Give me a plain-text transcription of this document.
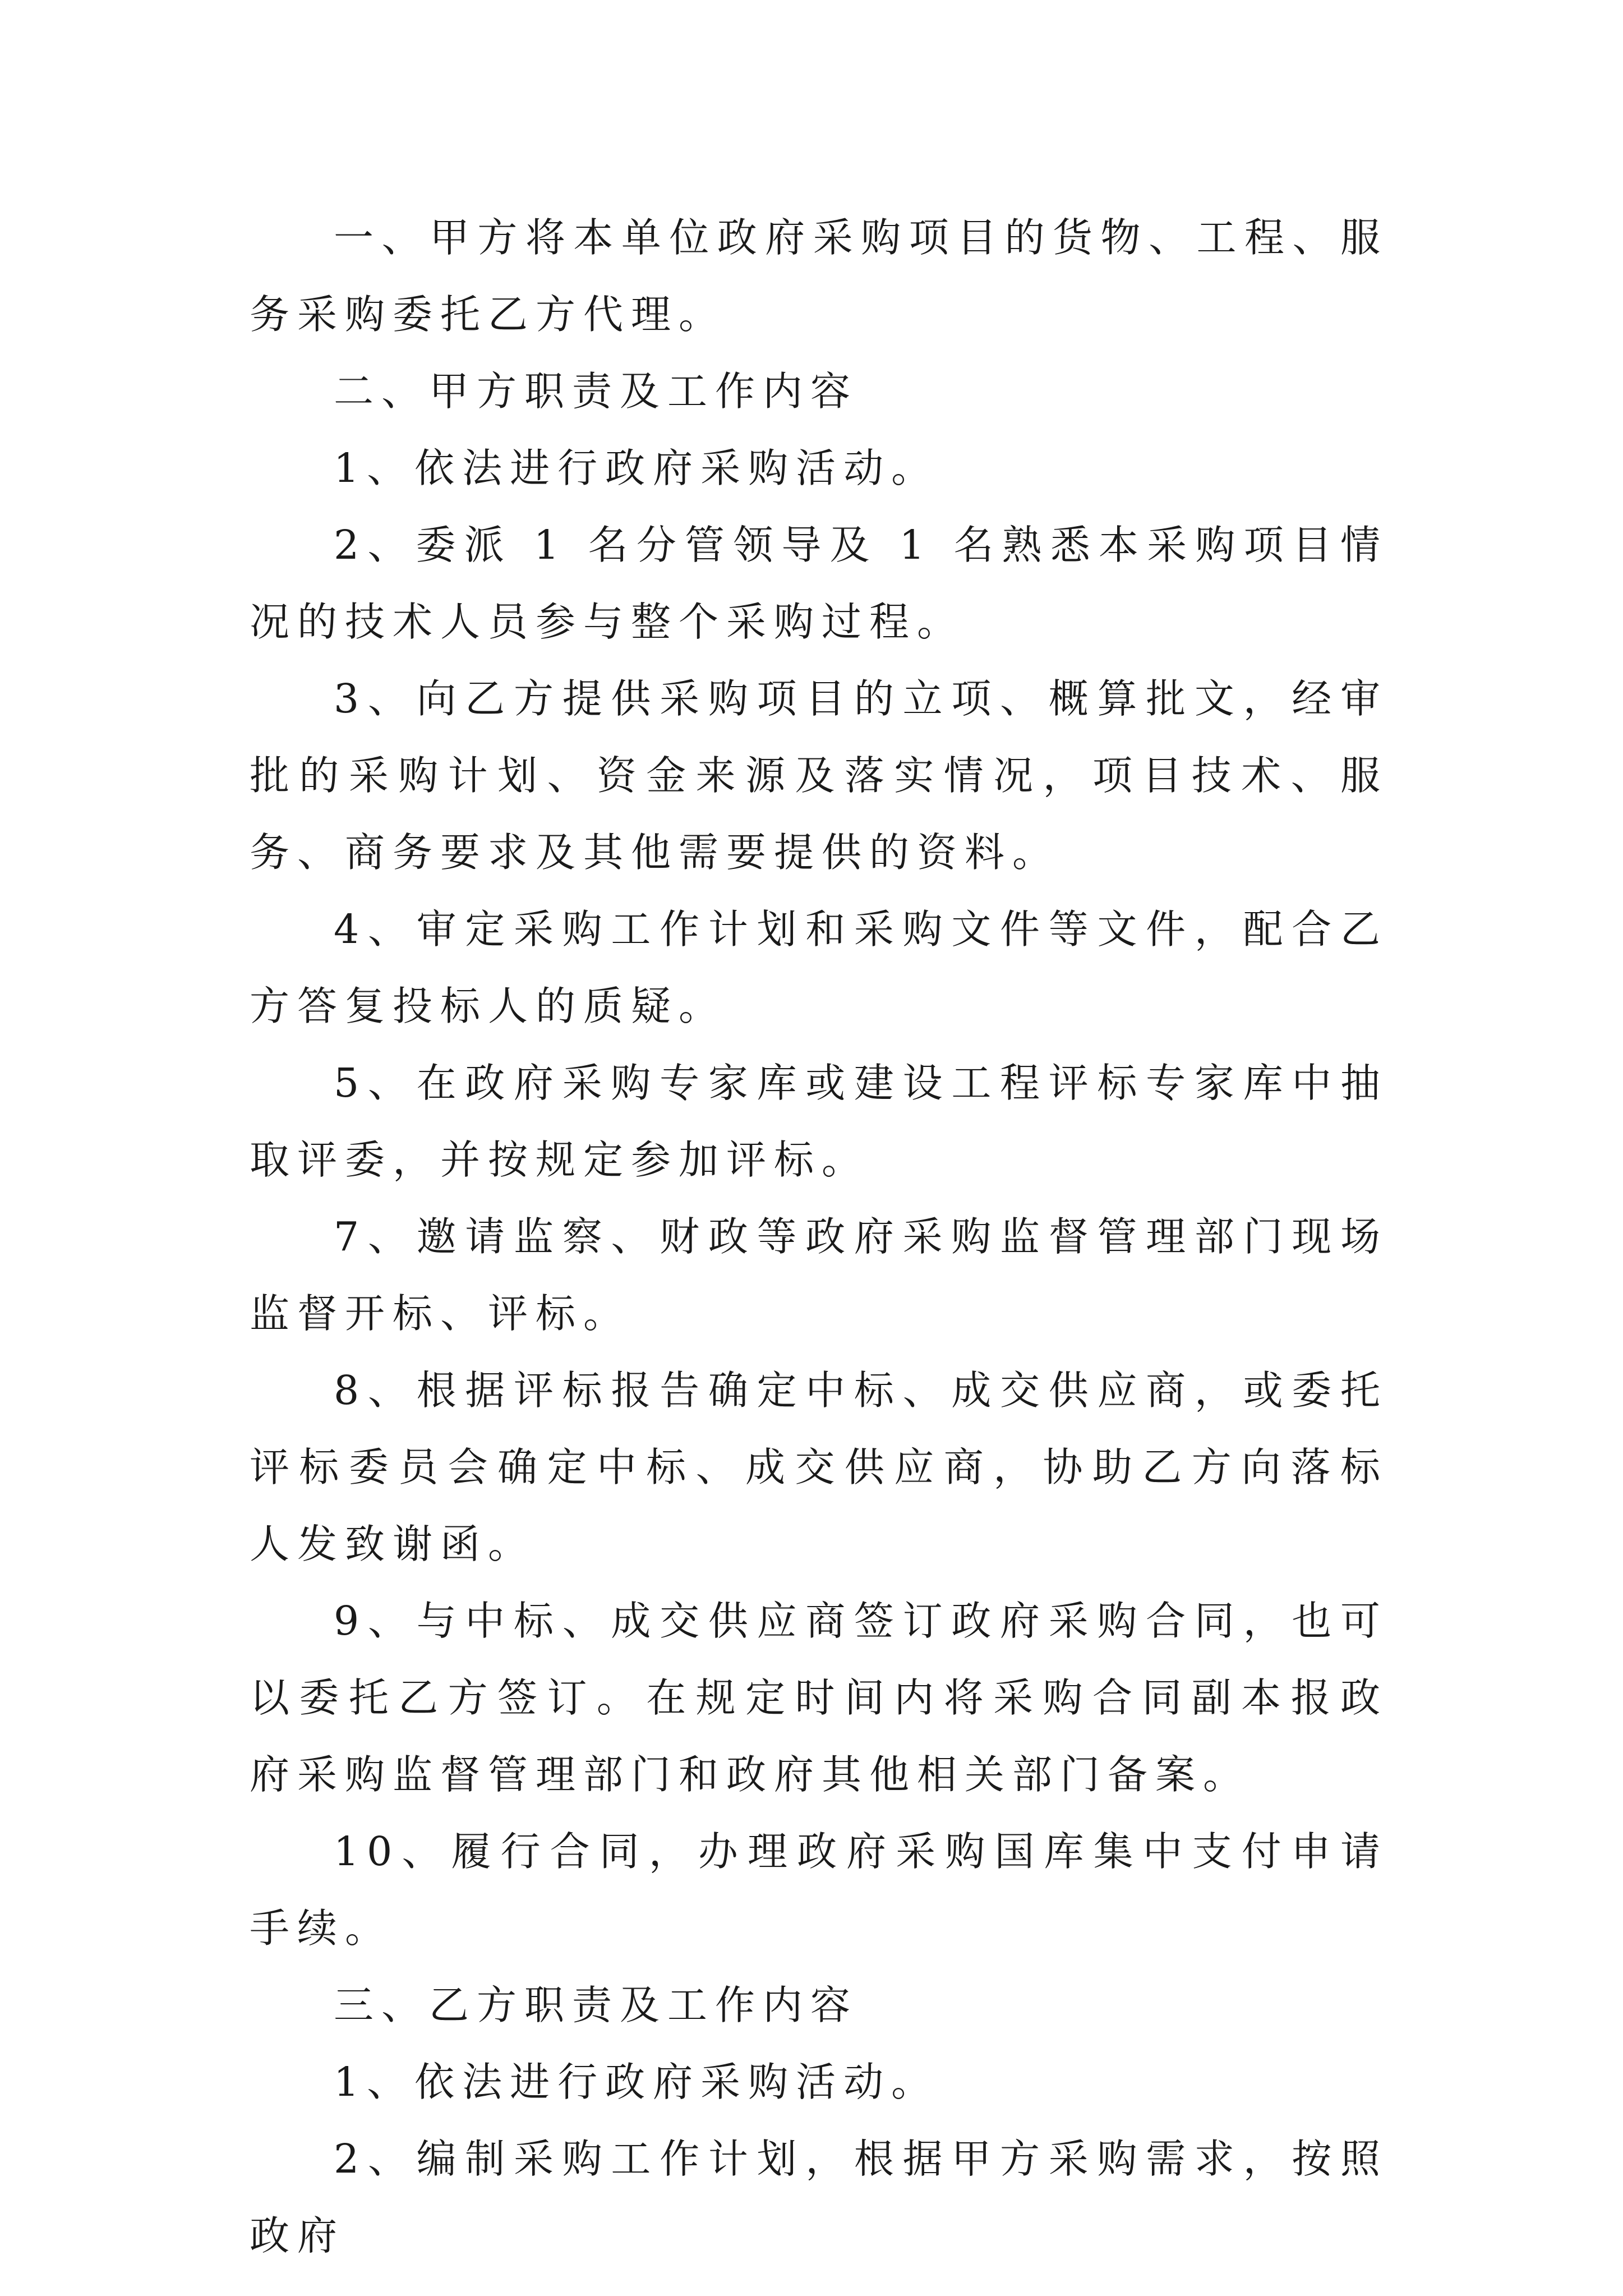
一、甲方将本单位政府采购项目的货物、工程、服务采购委托乙方代理。

二、甲方职责及工作内容

1、依法进行政府采购活动。

2、委派 1 名分管领导及 1 名熟悉本采购项目情况的技术人员参与整个采购过程。

3、向乙方提供采购项目的立项、概算批文，经审批的采购计划、资金来源及落实情况，项目技术、服务、商务要求及其他需要提供的资料。

4、审定采购工作计划和采购文件等文件，配合乙方答复投标人的质疑。

5、在政府采购专家库或建设工程评标专家库中抽取评委，并按规定参加评标。

7、邀请监察、财政等政府采购监督管理部门现场监督开标、评标。

8、根据评标报告确定中标、成交供应商，或委托评标委员会确定中标、成交供应商，协助乙方向落标人发致谢函。

9、与中标、成交供应商签订政府采购合同，也可以委托乙方签订。在规定时间内将采购合同副本报政府采购监督管理部门和政府其他相关部门备案。

10、履行合同，办理政府采购国库集中支付申请手续。

三、乙方职责及工作内容

1、依法进行政府采购活动。

2、编制采购工作计划，根据甲方采购需求，按照政府
